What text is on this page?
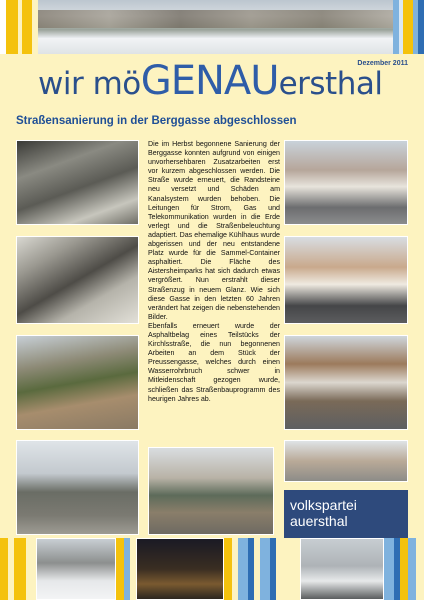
wir möGENAUersthal
Dezember 2011
Straßensanierung in der Berggasse abgeschlossen

Die im Herbst begonnene Sanierung der Berggasse konnten aufgrund von einigen unvorhersehbaren Zusatzarbeiten erst vor kurzem abgeschlossen werden. Die Straße wurde erneuert, die Randsteine neu versetzt und Schäden am Kanalsystem wurden behoben. Die Leitungen für Strom, Gas und Telekommunikation wurden in die Erde verlegt und die Straßenbeleuchtung adaptiert. Das ehemalige Kühlhaus wurde abgerissen und der neu entstandene Platz wurde für die Sammel-Container asphaltiert. Die Fläche des Aistersheimparks hat sich dadurch etwas vergrößert. Nun erstrahlt dieser Straßenzug in neuem Glanz. Wie sich diese Gasse in den letzten 60 Jahren verändert hat zeigen die nebenstehenden Bilder.

Ebenfalls erneuert wurde der Asphaltbelag eines Teilstücks der Kirchlsstraße, die nun begonnenen Arbeiten an dem Stück der Preussengasse, welches durch einen Wasserrohrbruch schwer in Mitleidenschaft gezogen wurde, schließen das Straßenbauprogramm des heurigen Jahres ab.

volkspartei
auersthal
